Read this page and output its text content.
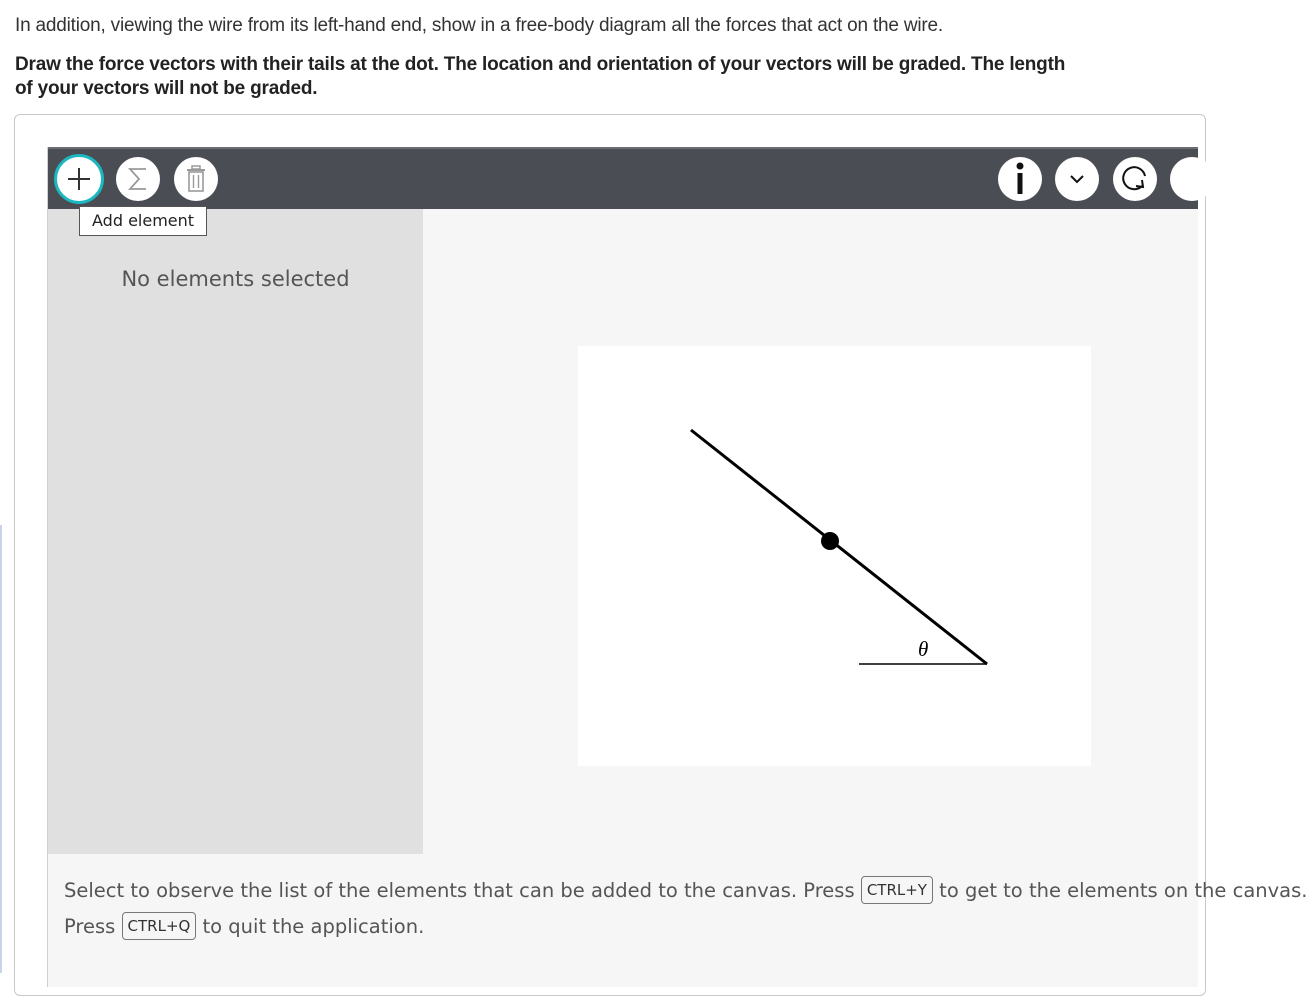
In addition, viewing the wire from its left-hand end, show in a free-body diagram all the forces that act on the wire.
Draw the force vectors with their tails at the dot. The location and orientation of your vectors will be graded. The length of your vectors will not be graded.
Add element
No elements selected
θ
Select to observe the list of the elements that can be added to the canvas. Press CTRL+Y to get to the elements on the canvas.
Press CTRL+Q to quit the application.
